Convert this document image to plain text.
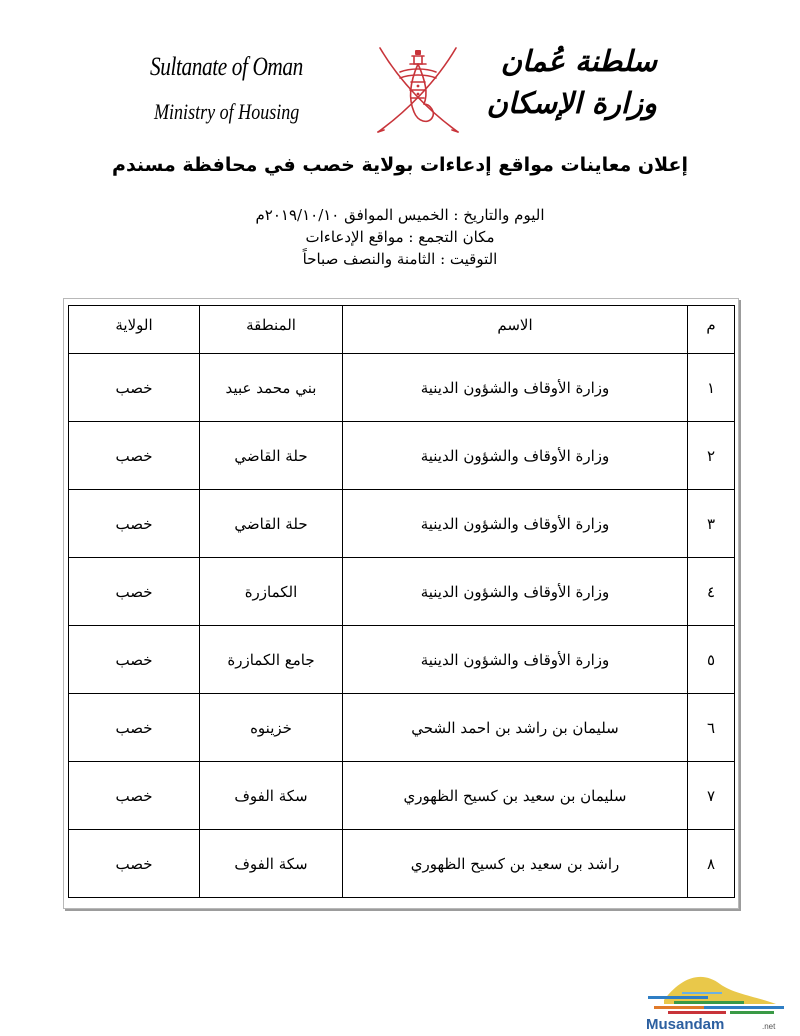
Sultanate of Oman
Ministry of Housing
سلطنة عُمان
وزارة الإسكان
إعلان معاينات مواقع إدعاءات بولاية خصب في محافظة مسندم
اليوم والتاريخ : الخميس الموافق ٢٠١٩/١٠/١٠م
مكان التجمع : مواقع الإدعاءات
التوقيت : الثامنة والنصف صباحاً
م	الاسم	المنطقة	الولاية
١	وزارة الأوقاف والشؤون الدينية	بني محمد عبيد	خصب
٢	وزارة الأوقاف والشؤون الدينية	حلة القاضي	خصب
٣	وزارة الأوقاف والشؤون الدينية	حلة القاضي	خصب
٤	وزارة الأوقاف والشؤون الدينية	الكمازرة	خصب
٥	وزارة الأوقاف والشؤون الدينية	جامع الكمازرة	خصب
٦	سليمان بن راشد بن احمد الشحي	خزينوه	خصب
٧	سليمان بن سعيد بن كسيح الظهوري	سكة الفوف	خصب
٨	راشد بن سعيد بن كسيح الظهوري	سكة الفوف	خصب
Musandam	.net
